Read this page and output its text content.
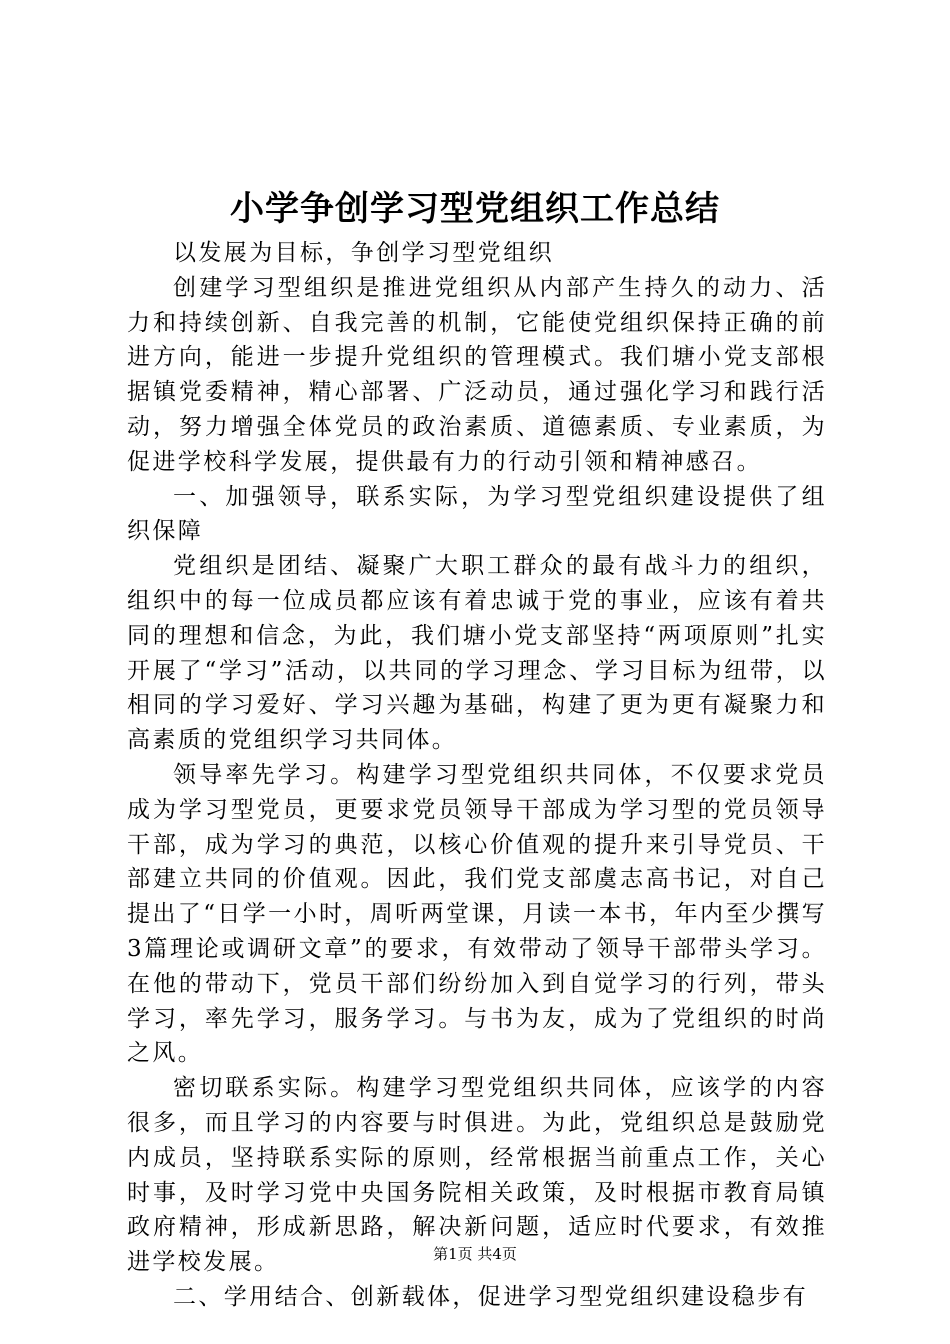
小学争创学习型党组织工作总结

以发展为目标，争创学习型党组织

创建学习型组织是推进党组织从内部产生持久的动力、活力和持续创新、自我完善的机制，它能使党组织保持正确的前进方向，能进一步提升党组织的管理模式。我们塘小党支部根据镇党委精神，精心部署、广泛动员，通过强化学习和践行活动，努力增强全体党员的政治素质、道德素质、专业素质，为促进学校科学发展，提供最有力的行动引领和精神感召。

一、加强领导，联系实际，为学习型党组织建设提供了组织保障

党组织是团结、凝聚广大职工群众的最有战斗力的组织，组织中的每一位成员都应该有着忠诚于党的事业，应该有着共同的理想和信念，为此，我们塘小党支部坚持“两项原则”扎实开展了“学习”活动，以共同的学习理念、学习目标为纽带，以相同的学习爱好、学习兴趣为基础，构建了更为更有凝聚力和高素质的党组织学习共同体。

领导率先学习。构建学习型党组织共同体，不仅要求党员成为学习型党员，更要求党员领导干部成为学习型的党员领导干部，成为学习的典范，以核心价值观的提升来引导党员、干部建立共同的价值观。因此，我们党支部虞志高书记，对自己提出了“日学一小时，周听两堂课，月读一本书，年内至少撰写3篇理论或调研文章”的要求，有效带动了领导干部带头学习。在他的带动下，党员干部们纷纷加入到自觉学习的行列，带头学习，率先学习，服务学习。与书为友，成为了党组织的时尚之风。

密切联系实际。构建学习型党组织共同体，应该学的内容很多，而且学习的内容要与时俱进。为此，党组织总是鼓励党内成员，坚持联系实际的原则，经常根据当前重点工作，关心时事，及时学习党中央国务院相关政策，及时根据市教育局镇政府精神，形成新思路，解决新问题，适应时代要求，有效推进学校发展。

二、学用结合、创新载体，促进学习型党组织建设稳步有

第1页 共4页
